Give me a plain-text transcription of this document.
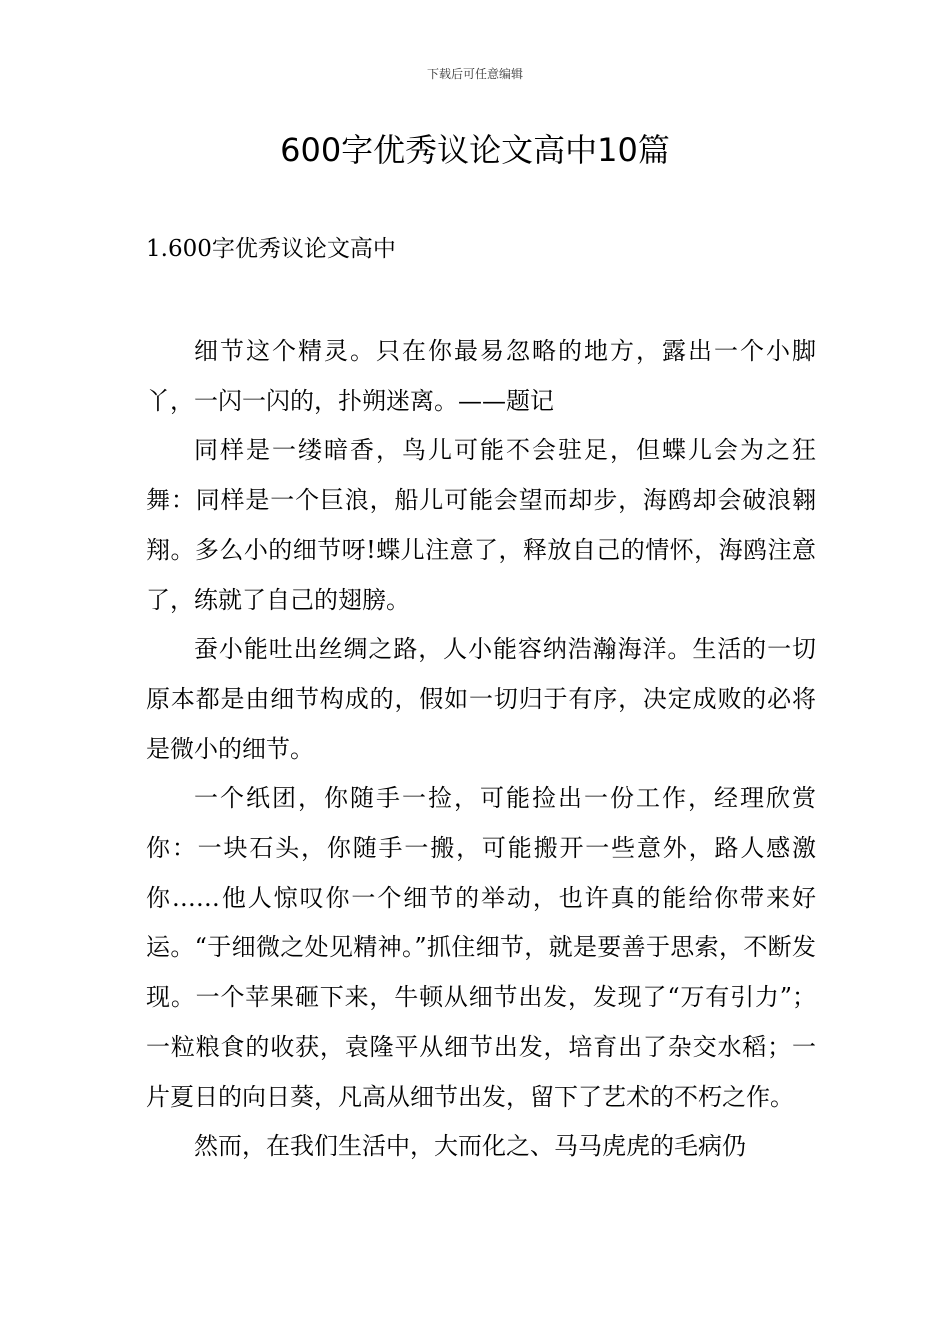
下载后可任意编辑
600字优秀议论文高中10篇
1.600字优秀议论文高中

细节这个精灵。只在你最易忽略的地方，露出一个小脚丫，一闪一闪的，扑朔迷离。——题记

同样是一缕暗香，鸟儿可能不会驻足，但蝶儿会为之狂舞：同样是一个巨浪，船儿可能会望而却步，海鸥却会破浪翱翔。多么小的细节呀!蝶儿注意了，释放自己的情怀，海鸥注意了，练就了自己的翅膀。

蚕小能吐出丝绸之路，人小能容纳浩瀚海洋。生活的一切原本都是由细节构成的，假如一切归于有序，决定成败的必将是微小的细节。

一个纸团，你随手一捡，可能捡出一份工作，经理欣赏你：一块石头，你随手一搬，可能搬开一些意外，路人感激你……他人惊叹你一个细节的举动，也许真的能给你带来好运。“于细微之处见精神。”抓住细节，就是要善于思索，不断发现。一个苹果砸下来，牛顿从细节出发，发现了“万有引力”；一粒粮食的收获，袁隆平从细节出发，培育出了杂交水稻；一片夏日的向日葵，凡高从细节出发，留下了艺术的不朽之作。

然而，在我们生活中，大而化之、马马虎虎的毛病仍
